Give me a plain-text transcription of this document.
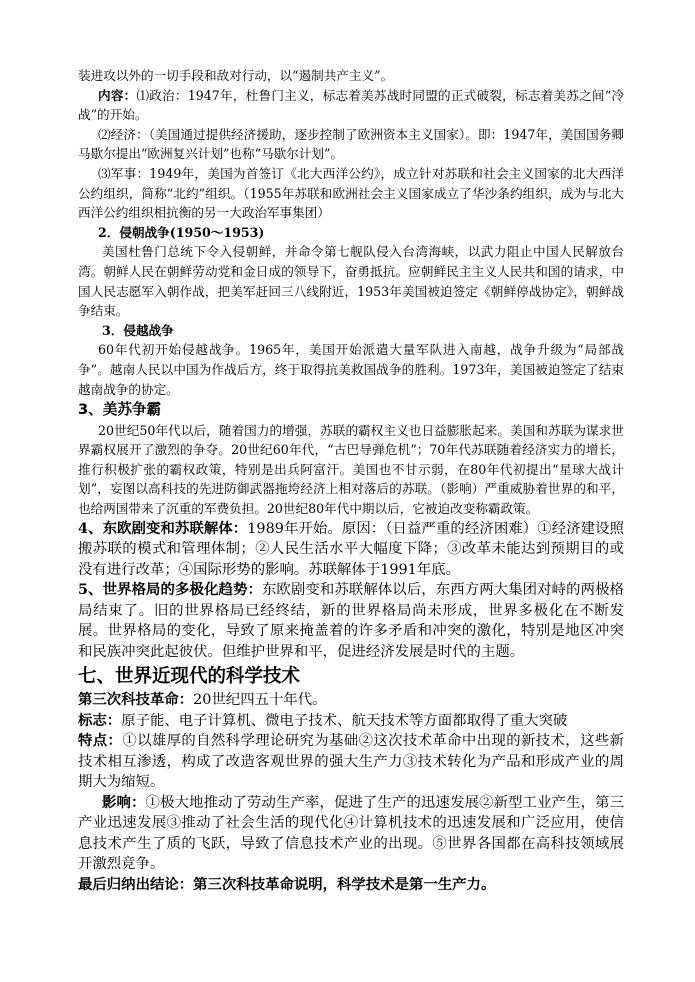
装进攻以外的一切手段和敌对行动，以“遏制共产主义”。

内容：⑴政治：1947年，杜鲁门主义，标志着美苏战时同盟的正式破裂，标志着美苏之间“冷战”的开始。

⑵经济：（美国通过提供经济援助，逐步控制了欧洲资本主义国家）。即：1947年，美国国务卿马歇尔提出“欧洲复兴计划”也称“马歇尔计划”。

⑶军事：1949年，美国为首签订《北大西洋公约》，成立针对苏联和社会主义国家的北大西洋公约组织，简称“北约”组织。（1955年苏联和欧洲社会主义国家成立了华沙条约组织，成为与北大西洋公约组织相抗衡的另一大政治军事集团）

2．侵朝战争(1950～1953)

美国杜鲁门总统下令入侵朝鲜，并命令第七舰队侵入台湾海峡，以武力阻止中国人民解放台湾。朝鲜人民在朝鲜劳动党和金日成的领导下，奋勇抵抗。应朝鲜民主主义人民共和国的请求，中国人民志愿军入朝作战，把美军赶回三八线附近，1953年美国被迫签定《朝鲜停战协定》，朝鲜战争结束。

3．侵越战争

60年代初开始侵越战争。1965年，美国开始派遣大量军队进入南越，战争升级为“局部战争”。越南人民以中国为作战后方，终于取得抗美救国战争的胜利。1973年，美国被迫签定了结束越南战争的协定。

3、美苏争霸

20世纪50年代以后，随着国力的增强，苏联的霸权主义也日益膨胀起来。美国和苏联为谋求世界霸权展开了激烈的争夺。20世纪60年代，“古巴导弹危机”；70年代苏联随着经济实力的增长，推行积极扩张的霸权政策，特别是出兵阿富汗。美国也不甘示弱，在80年代初提出“星球大战计划”，妄图以高科技的先进防御武器拖垮经济上相对落后的苏联。（影响）严重威胁着世界的和平，也给两国带来了沉重的军费负担。20世纪80年代中期以后，它被迫改变称霸政策。

4、东欧剧变和苏联解体：1989年开始。原因：（日益严重的经济困难）①经济建设照搬苏联的模式和管理体制；②人民生活水平大幅度下降；③改革未能达到预期目的或没有进行改革；④国际形势的影响。苏联解体于1991年底。

5、世界格局的多极化趋势：东欧剧变和苏联解体以后，东西方两大集团对峙的两极格局结束了。旧的世界格局已经终结，新的世界格局尚未形成，世界多极化在不断发展。世界格局的变化，导致了原来掩盖着的许多矛盾和冲突的激化，特别是地区冲突和民族冲突此起彼伏。但维护世界和平，促进经济发展是时代的主题。

七、世界近现代的科学技术

第三次科技革命：20世纪四五十年代。

标志：原子能、电子计算机、微电子技术、航天技术等方面都取得了重大突破

特点：①以雄厚的自然科学理论研究为基础②这次技术革命中出现的新技术，这些新技术相互渗透，构成了改造客观世界的强大生产力③技术转化为产品和形成产业的周期大为缩短。

影响：①极大地推动了劳动生产率，促进了生产的迅速发展②新型工业产生，第三产业迅速发展③推动了社会生活的现代化④计算机技术的迅速发展和广泛应用，使信息技术产生了质的飞跃，导致了信息技术产业的出现。⑤世界各国都在高科技领域展开激烈竞争。

最后归纳出结论：第三次科技革命说明，科学技术是第一生产力。
